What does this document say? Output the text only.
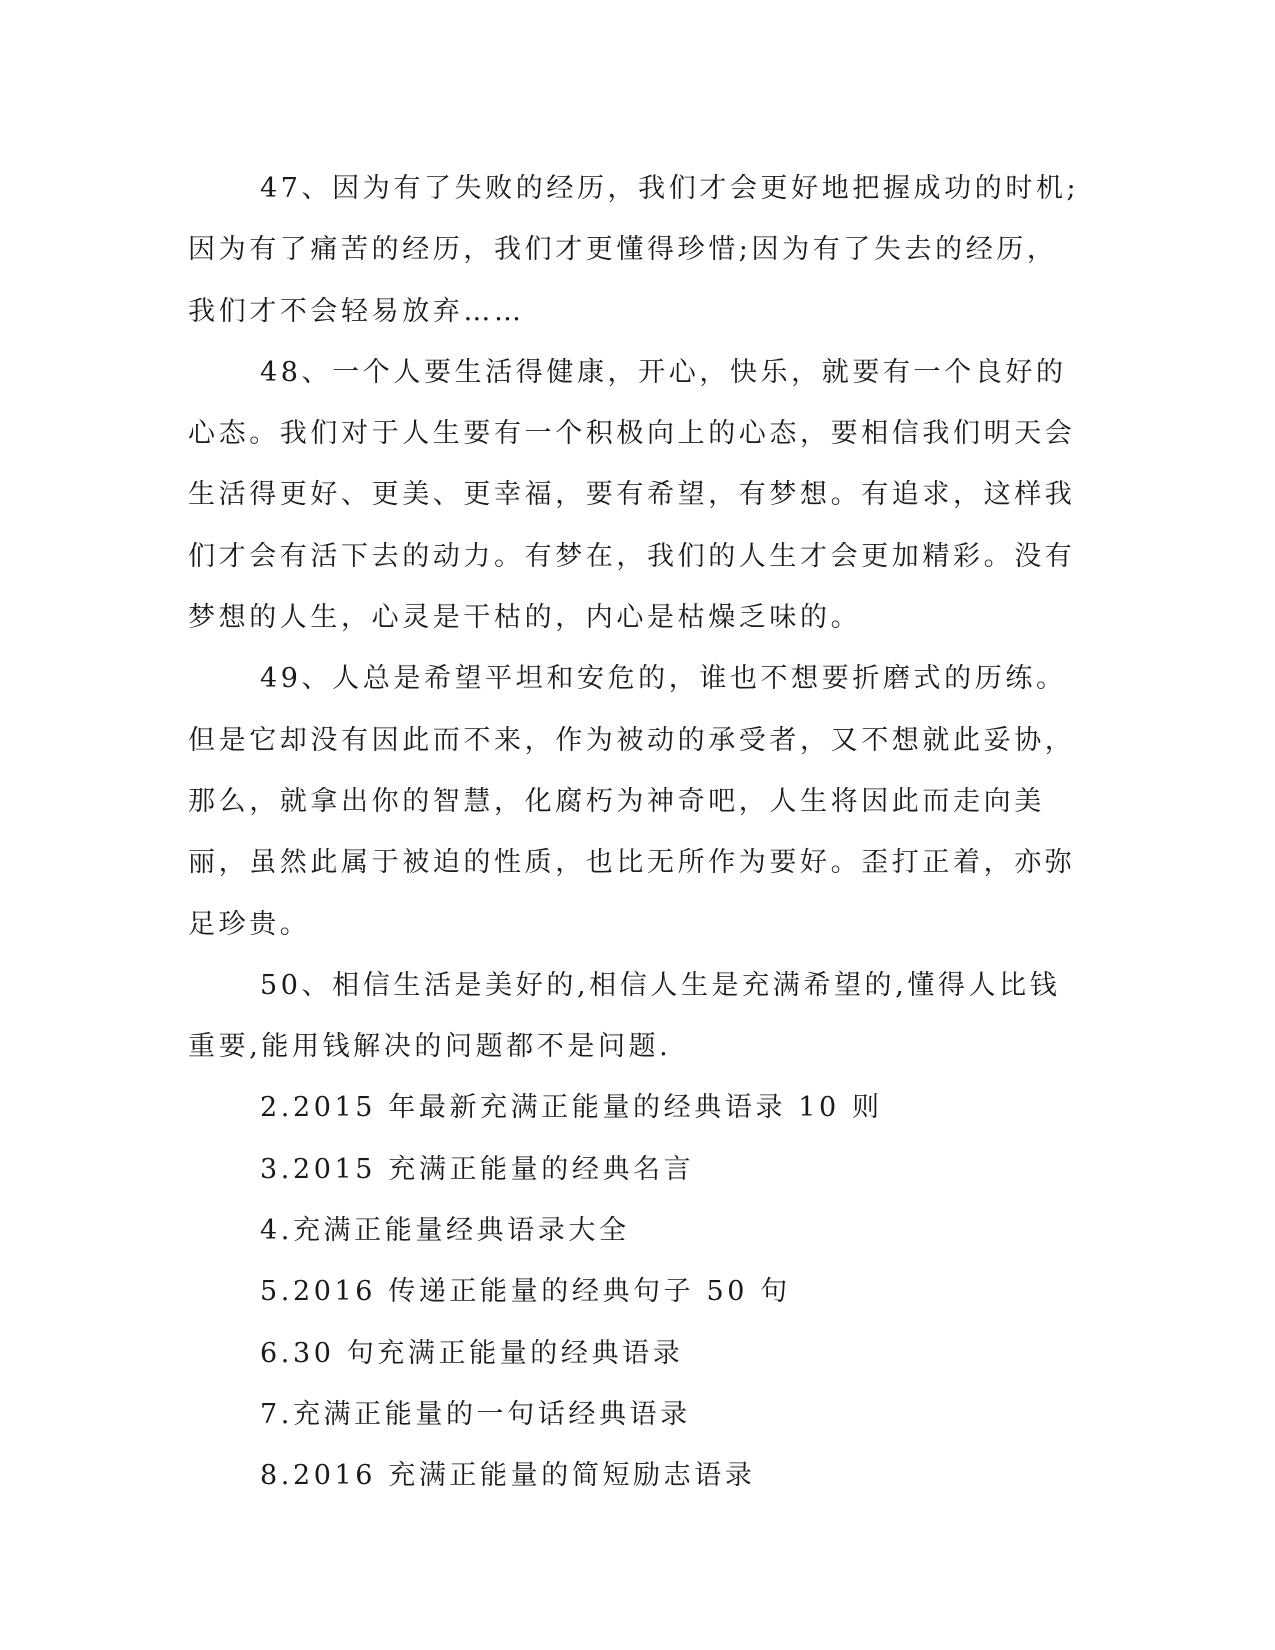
47、因为有了失败的经历，我们才会更好地把握成功的时机;因为有了痛苦的经历，我们才更懂得珍惜;因为有了失去的经历，我们才不会轻易放弃……

48、一个人要生活得健康，开心，快乐，就要有一个良好的心态。我们对于人生要有一个积极向上的心态，要相信我们明天会生活得更好、更美、更幸福，要有希望，有梦想。有追求，这样我们才会有活下去的动力。有梦在，我们的人生才会更加精彩。没有梦想的人生，心灵是干枯的，内心是枯燥乏味的。

49、人总是希望平坦和安危的，谁也不想要折磨式的历练。但是它却没有因此而不来，作为被动的承受者，又不想就此妥协，那么，就拿出你的智慧，化腐朽为神奇吧，人生将因此而走向美丽，虽然此属于被迫的性质，也比无所作为要好。歪打正着，亦弥足珍贵。

50、相信生活是美好的,相信人生是充满希望的,懂得人比钱重要,能用钱解决的问题都不是问题.

2.2015 年最新充满正能量的经典语录 10 则
3.2015 充满正能量的经典名言
4.充满正能量经典语录大全
5.2016 传递正能量的经典句子 50 句
6.30 句充满正能量的经典语录
7.充满正能量的一句话经典语录
8.2016 充满正能量的简短励志语录
